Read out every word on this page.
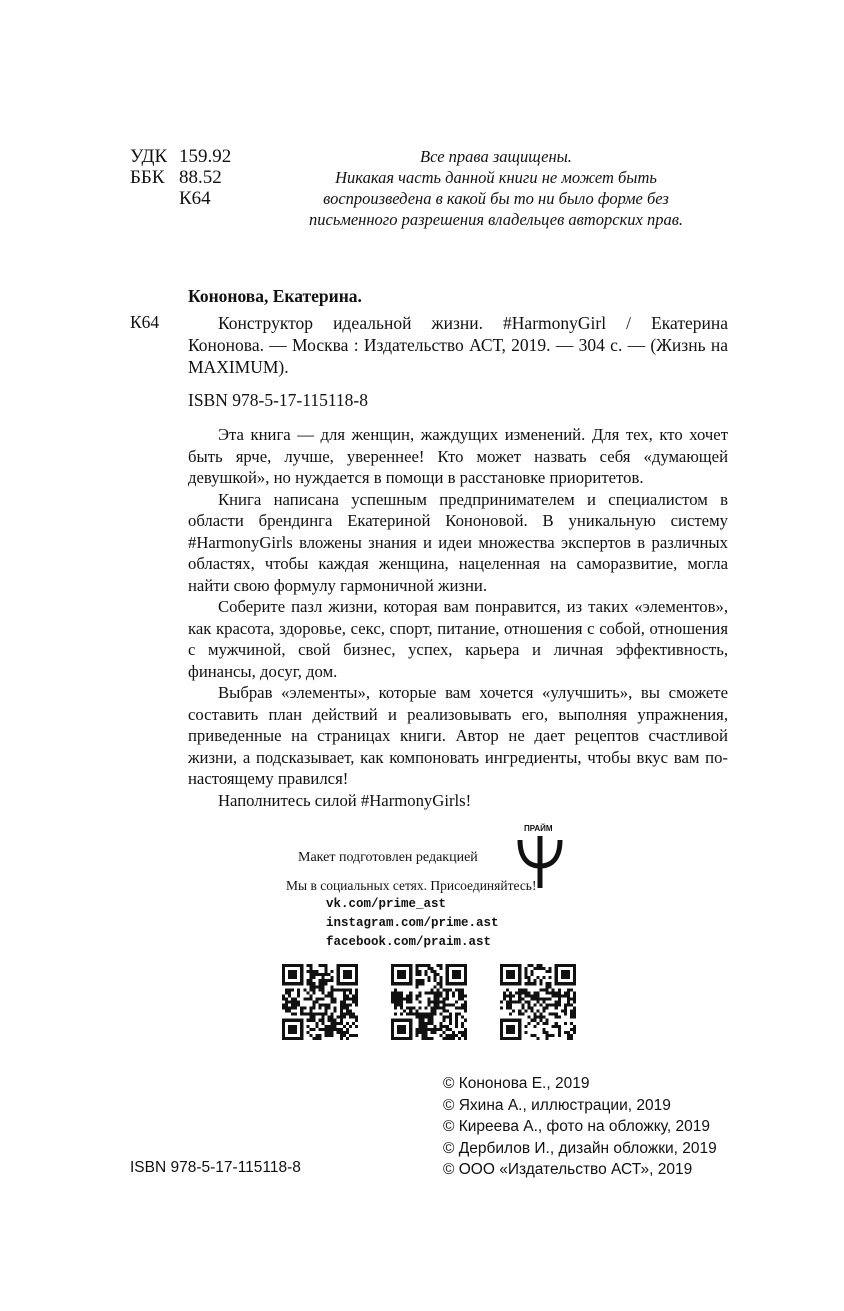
УДК 159.92
ББК 88.52
К64
Все права защищены.
Никакая часть данной книги не может быть
воспроизведена в какой бы то ни было форме без
письменного разрешения владельцев авторских прав.
Кононова, Екатерина.
К64	Конструктор идеальной жизни. #HarmonyGirl / Екатерина Кононова. — Москва : Издательство АСТ, 2019. — 304 с. — (Жизнь на MAXIMUM).
ISBN 978-5-17-115118-8

Эта книга — для женщин, жаждущих изменений. Для тех, кто хочет быть ярче, лучше, увереннее! Кто может назвать себя «думающей девушкой», но нуждается в помощи в расстановке приоритетов.

Книга написана успешным предпринимателем и специалистом в области брендинга Екатериной Кононовой. В уникальную систему #HarmonyGirls вложены знания и идеи множества экспертов в различных областях, чтобы каждая женщина, нацеленная на саморазвитие, могла найти свою формулу гармоничной жизни.

Соберите пазл жизни, которая вам понравится, из таких «элементов», как красота, здоровье, секс, спорт, питание, отношения с собой, отношения с мужчиной, свой бизнес, успех, карьера и личная эффективность, финансы, досуг, дом.

Выбрав «элементы», которые вам хочется «улучшить», вы сможете составить план действий и реализовывать его, выполняя упражнения, приведенные на страницах книги. Автор не дает рецептов счастливой жизни, а подсказывает, как компоновать ингредиенты, чтобы вкус вам по-настоящему правился!

Наполнитесь силой #HarmonyGirls!

Макет подготовлен редакцией
ПРАЙМ
Мы в социальных сетях. Присоединяйтесь!
vk.com/prime_ast
instagram.com/prime.ast
facebook.com/praim.ast
© Кононова Е., 2019
© Яхина А., иллюстрации, 2019
© Киреева А., фото на обложку, 2019
© Дербилов И., дизайн обложки, 2019
© ООО «Издательство АСТ», 2019
ISBN 978-5-17-115118-8
